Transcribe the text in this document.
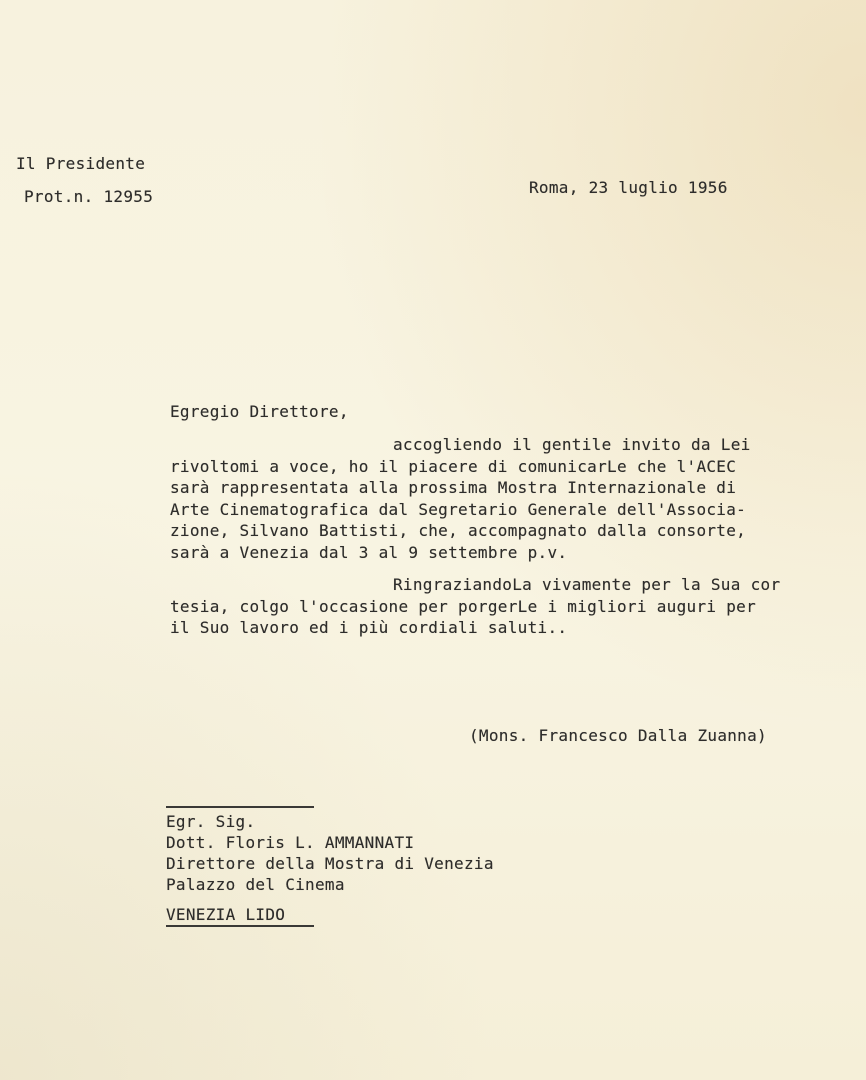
Il Presidente
Prot.n. 12955	Roma, 23 luglio 1956
Egregio Direttore,
accogliendo il gentile invito da Lei
rivoltomi a voce, ho il piacere di comunicarLe che l'ACEC
sarà rappresentata alla prossima Mostra Internazionale di
Arte Cinematografica dal Segretario Generale dell'Associa-
zione, Silvano Battisti, che, accompagnato dalla consorte,
sarà a Venezia dal 3 al 9 settembre p.v.
RingraziandoLa vivamente per la Sua cor
tesia, colgo l'occasione per porgerLe i migliori auguri per
il Suo lavoro ed i più cordiali saluti..
(Mons. Francesco Dalla Zuanna)
Egr. Sig.
Dott. Floris L. AMMANNATI
Direttore della Mostra di Venezia
Palazzo del Cinema
VENEZIA LIDO
